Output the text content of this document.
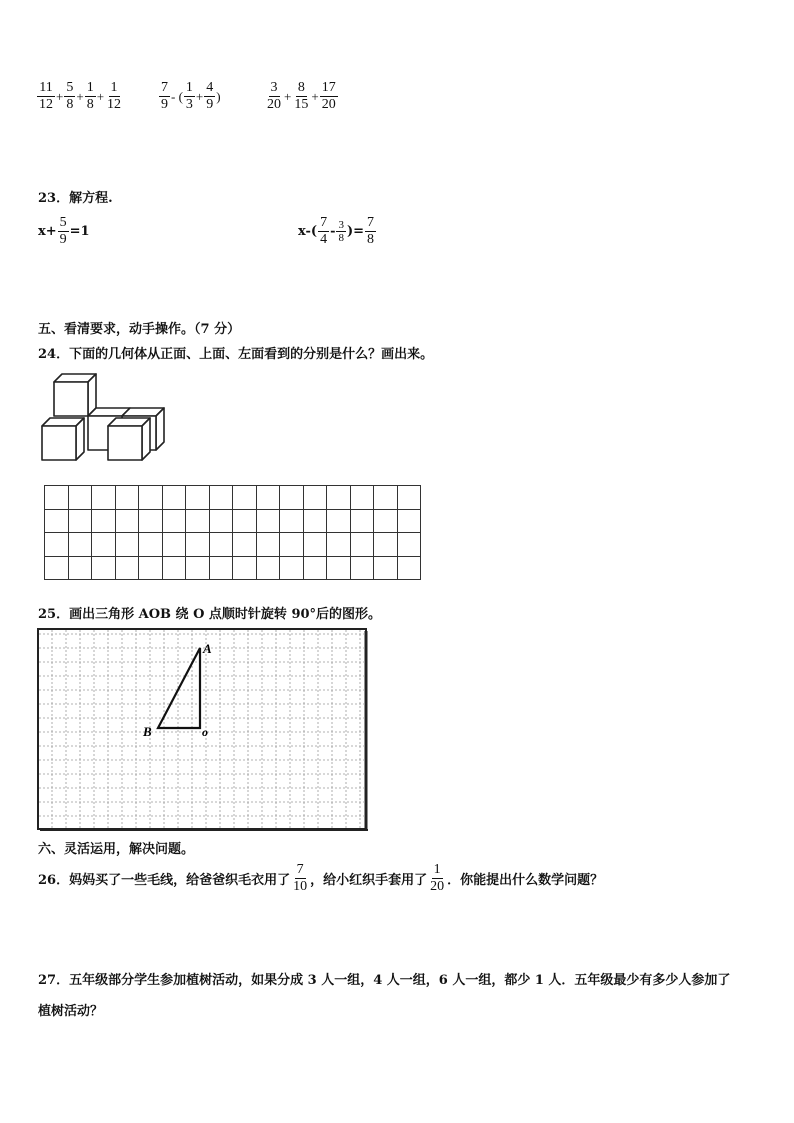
$\frac{11}{12} + \frac{5}{8} + \frac{1}{8} + \frac{1}{12}$	$\frac{7}{9}$ - ( $\frac{1}{3} + \frac{4}{9}$ )	$\frac{3}{20} + \frac{8}{15} + \frac{17}{20}$
23．解方程.
$x+ \frac{5}{9} =1$	$x-( \frac{7}{4} - \frac{3}{8}$ )= $\frac{7}{8}$
五、看清要求，动手操作。（7 分）
24．下面的几何体从正面、上面、左面看到的分别是什么？画出来。

25．画出三角形 AOB 绕 O 点顺时针旋转 90°后的图形。
A
B	o
六、灵活运用，解决问题。
26．妈妈买了一些毛线，给爸爸织毛衣用了 $\frac{7}{10}$ ，给小红织手套用了 $\frac{1}{20}$ ．你能提出什么数学问题？
27．五年级部分学生参加植树活动，如果分成 3 人一组，4 人一组，6 人一组，都少 1 人．五年级最少有多少人参加了
植树活动？
